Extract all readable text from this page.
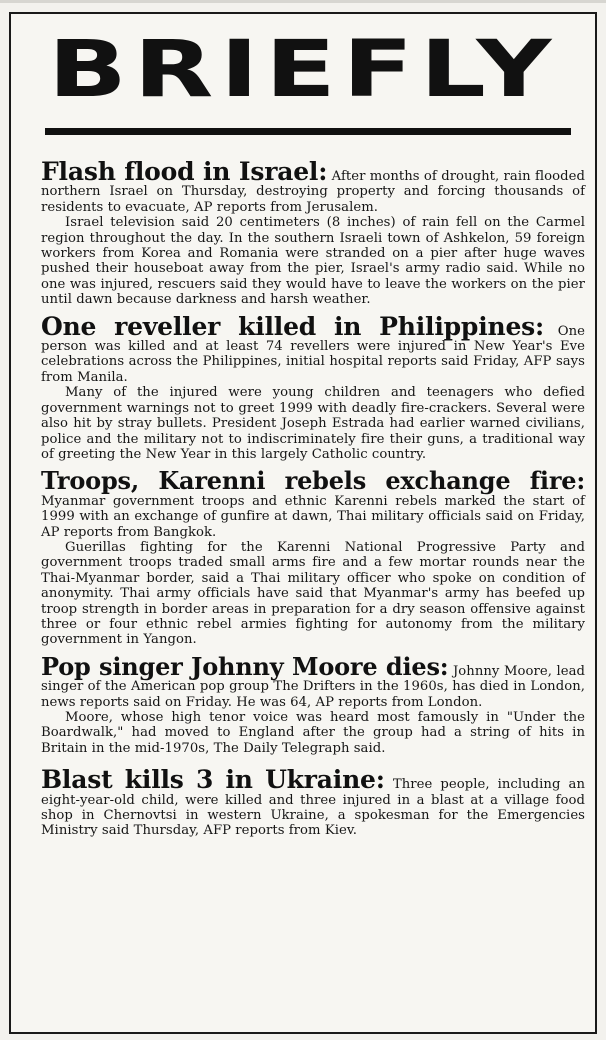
BRIEFLY

Flash flood in Israel: After months of drought, rain flooded northern Israel on Thursday, destroying property and forcing thousands of residents to evacuate, AP reports from Jerusalem.

Israel television said 20 centimeters (8 inches) of rain fell on the Carmel region throughout the day. In the southern Israeli town of Ashkelon, 59 foreign workers from Korea and Romania were stranded on a pier after huge waves pushed their houseboat away from the pier, Israel's army radio said. While no one was injured, rescuers said they would have to leave the workers on the pier until dawn because darkness and harsh weather.

One reveller killed in Philippines: One person was killed and at least 74 revellers were injured in New Year's Eve celebrations across the Philippines, initial hospital reports said Friday, AFP says from Manila.

Many of the injured were young children and teenagers who defied government warnings not to greet 1999 with deadly fire-crackers. Several were also hit by stray bullets. President Joseph Estrada had earlier warned civilians, police and the military not to indiscriminately fire their guns, a traditional way of greeting the New Year in this largely Catholic country.

Troops, Karenni rebels exchange fire: Myanmar government troops and ethnic Karenni rebels marked the start of 1999 with an exchange of gunfire at dawn, Thai military officials said on Friday, AP reports from Bangkok.

Guerillas fighting for the Karenni National Progressive Party and government troops traded small arms fire and a few mortar rounds near the Thai-Myanmar border, said a Thai military officer who spoke on condition of anonymity. Thai army officials have said that Myanmar's army has beefed up troop strength in border areas in preparation for a dry season offensive against three or four ethnic rebel armies fighting for autonomy from the military government in Yangon.

Pop singer Johnny Moore dies: Johnny Moore, lead singer of the American pop group The Drifters in the 1960s, has died in London, news reports said on Friday. He was 64, AP reports from London.

Moore, whose high tenor voice was heard most famously in "Under the Boardwalk," had moved to England after the group had a string of hits in Britain in the mid-1970s, The Daily Telegraph said.

Blast kills 3 in Ukraine: Three people, including an eight-year-old child, were killed and three injured in a blast at a village food shop in Chernovtsi in western Ukraine, a spokesman for the Emergencies Ministry said Thursday, AFP reports from Kiev.
